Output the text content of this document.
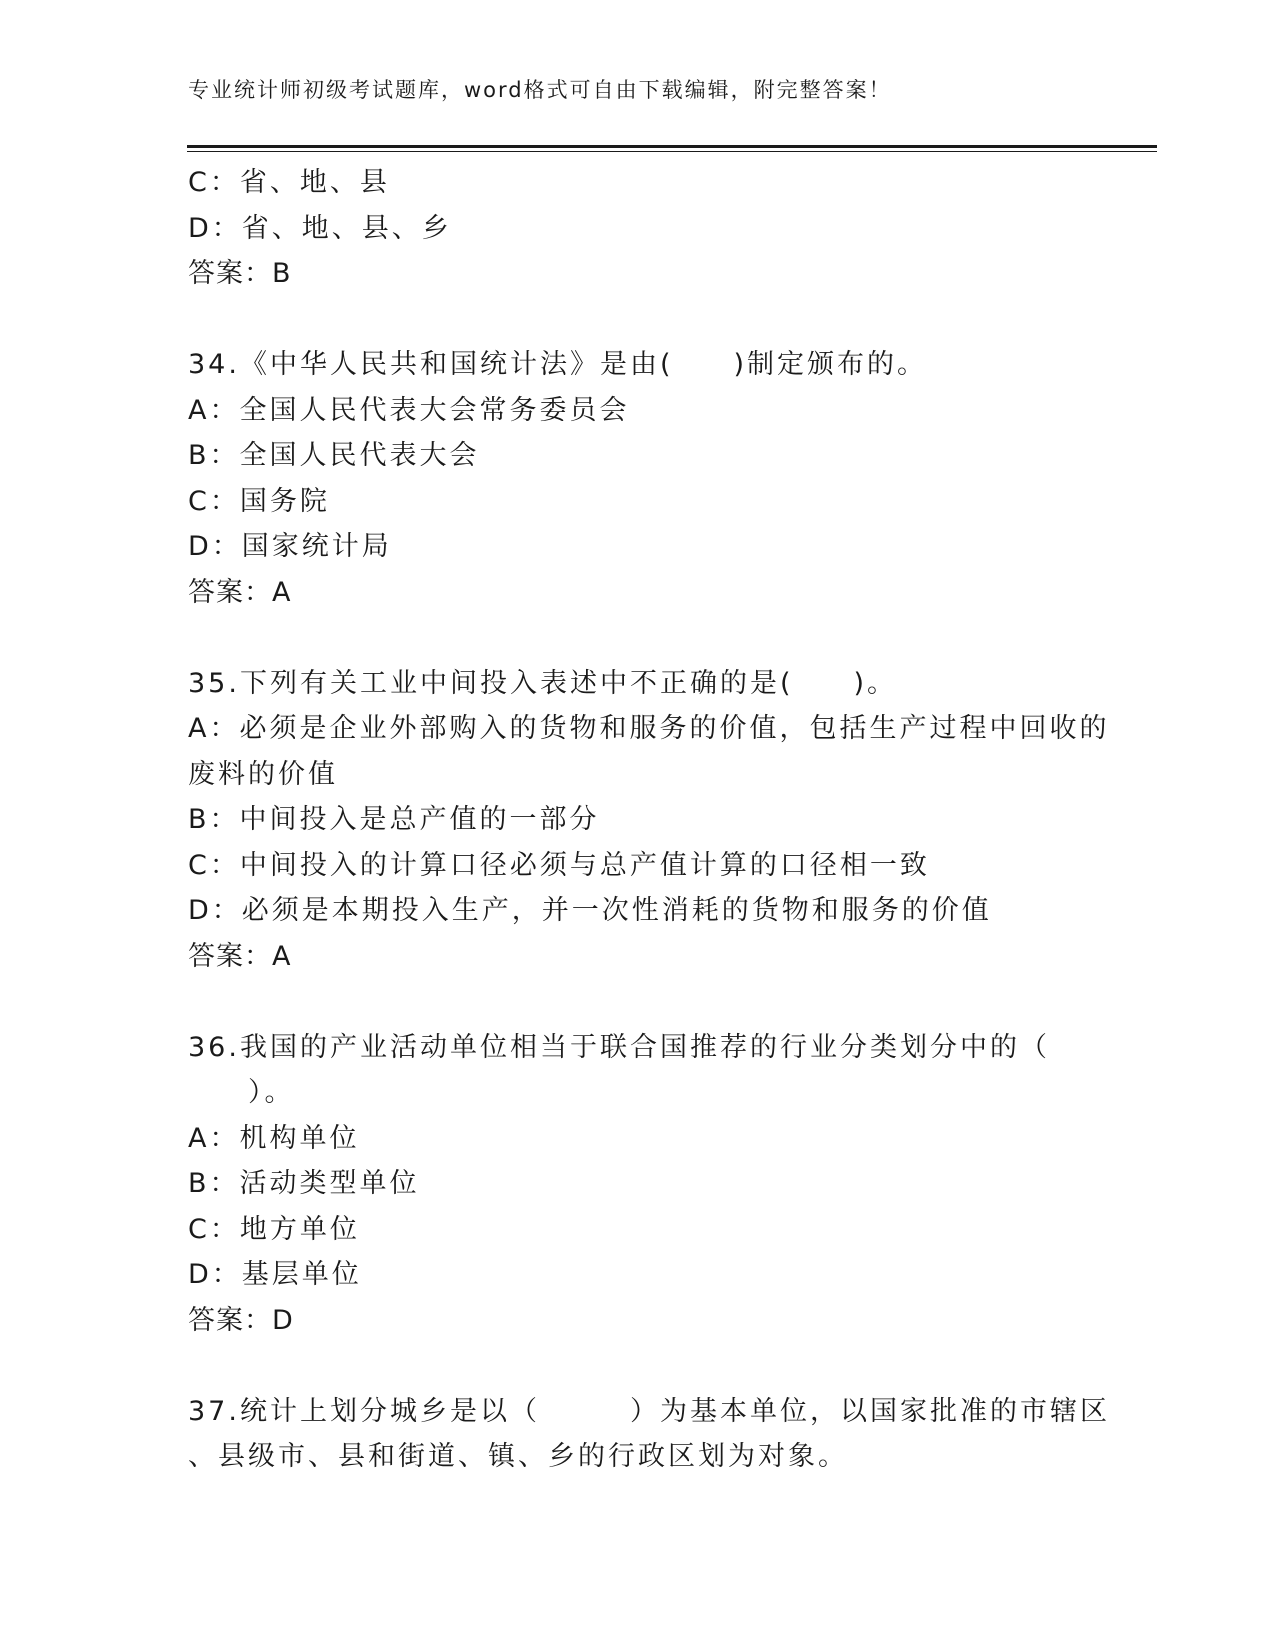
专业统计师初级考试题库，word格式可自由下载编辑，附完整答案！
C：省、地、县
D：省、地、县、乡
答案：B
34.《中华人民共和国统计法》是由(　　)制定颁布的。
A：全国人民代表大会常务委员会
B：全国人民代表大会
C：国务院
D：国家统计局
答案：A
35.下列有关工业中间投入表述中不正确的是(　　)。
A：必须是企业外部购入的货物和服务的价值，包括生产过程中回收的
废料的价值
B：中间投入是总产值的一部分
C：中间投入的计算口径必须与总产值计算的口径相一致
D：必须是本期投入生产，并一次性消耗的货物和服务的价值
答案：A
36.我国的产业活动单位相当于联合国推荐的行业分类划分中的（
　　）。
A：机构单位
B：活动类型单位
C：地方单位
D：基层单位
答案：D
37.统计上划分城乡是以（　　　）为基本单位，以国家批准的市辖区
、县级市、县和街道、镇、乡的行政区划为对象。
